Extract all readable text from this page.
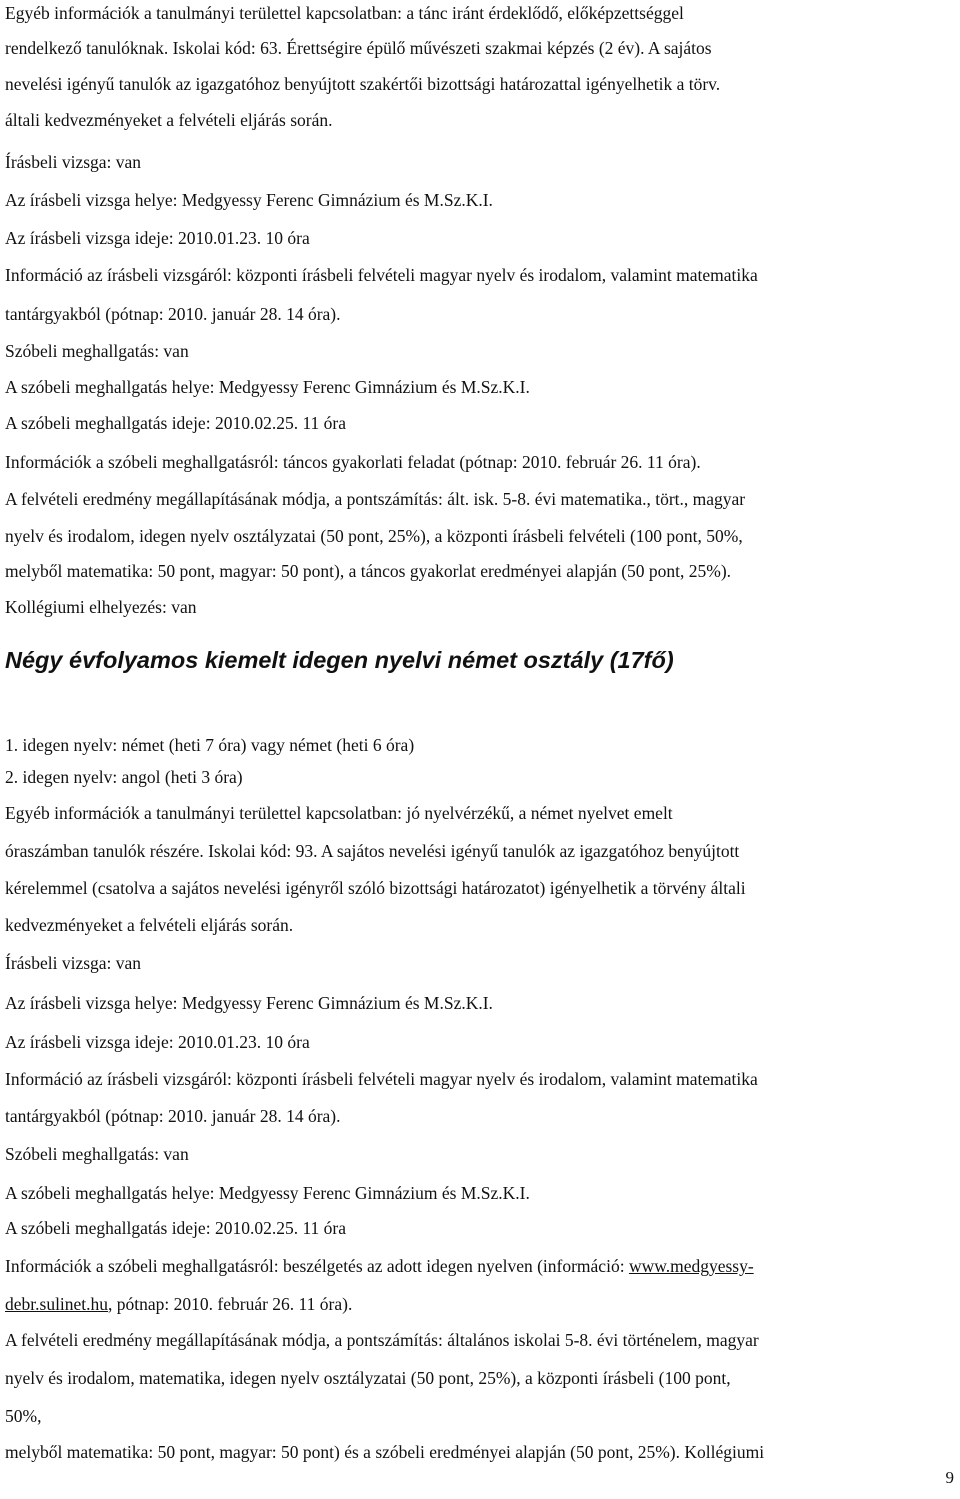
Egyéb információk a tanulmányi területtel kapcsolatban: a tánc iránt érdeklődő, előképzettséggel
rendelkező tanulóknak. Iskolai kód: 63. Érettségire épülő művészeti szakmai képzés (2 év). A sajátos
nevelési igényű tanulók az igazgatóhoz benyújtott szakértői bizottsági határozattal igényelhetik a törv.
általi kedvezményeket a felvételi eljárás során.
Írásbeli vizsga: van
Az írásbeli vizsga helye: Medgyessy Ferenc Gimnázium és M.Sz.K.I.
Az írásbeli vizsga ideje: 2010.01.23. 10 óra
Információ az írásbeli vizsgáról: központi írásbeli felvételi magyar nyelv és irodalom, valamint matematika
tantárgyakból (pótnap: 2010. január 28. 14 óra).
Szóbeli meghallgatás: van
A szóbeli meghallgatás helye: Medgyessy Ferenc Gimnázium és M.Sz.K.I.
A szóbeli meghallgatás ideje: 2010.02.25. 11 óra
Információk a szóbeli meghallgatásról: táncos gyakorlati feladat (pótnap: 2010. február 26. 11 óra).
A felvételi eredmény megállapításának módja, a pontszámítás: ált. isk. 5-8. évi matematika., tört., magyar
nyelv és irodalom, idegen nyelv osztályzatai (50 pont, 25%), a központi írásbeli felvételi (100 pont, 50%,
melyből matematika: 50 pont, magyar: 50 pont), a táncos gyakorlat eredményei alapján (50 pont, 25%).
Kollégiumi elhelyezés: van
Négy évfolyamos kiemelt idegen nyelvi német osztály (17fő)
1. idegen nyelv: német (heti 7 óra) vagy német (heti 6 óra)
2. idegen nyelv: angol (heti 3 óra)
Egyéb információk a tanulmányi területtel kapcsolatban: jó nyelvérzékű, a német nyelvet emelt
óraszámban tanulók részére. Iskolai kód: 93. A sajátos nevelési igényű tanulók az igazgatóhoz benyújtott
kérelemmel (csatolva a sajátos nevelési igényről szóló bizottsági határozatot) igényelhetik a törvény általi
kedvezményeket a felvételi eljárás során.
Írásbeli vizsga: van
Az írásbeli vizsga helye: Medgyessy Ferenc Gimnázium és M.Sz.K.I.
Az írásbeli vizsga ideje: 2010.01.23. 10 óra
Információ az írásbeli vizsgáról: központi írásbeli felvételi magyar nyelv és irodalom, valamint matematika
tantárgyakból (pótnap: 2010. január 28. 14 óra).
Szóbeli meghallgatás: van
A szóbeli meghallgatás helye: Medgyessy Ferenc Gimnázium és M.Sz.K.I.
A szóbeli meghallgatás ideje: 2010.02.25. 11 óra
Információk a szóbeli meghallgatásról: beszélgetés az adott idegen nyelven (információ: www.medgyessy-
debr.sulinet.hu, pótnap: 2010. február 26. 11 óra).
A felvételi eredmény megállapításának módja, a pontszámítás: általános iskolai 5-8. évi történelem, magyar
nyelv és irodalom, matematika, idegen nyelv osztályzatai (50 pont, 25%), a központi írásbeli (100 pont,
50%,
melyből matematika: 50 pont, magyar: 50 pont) és a szóbeli eredményei alapján (50 pont, 25%). Kollégiumi
9
